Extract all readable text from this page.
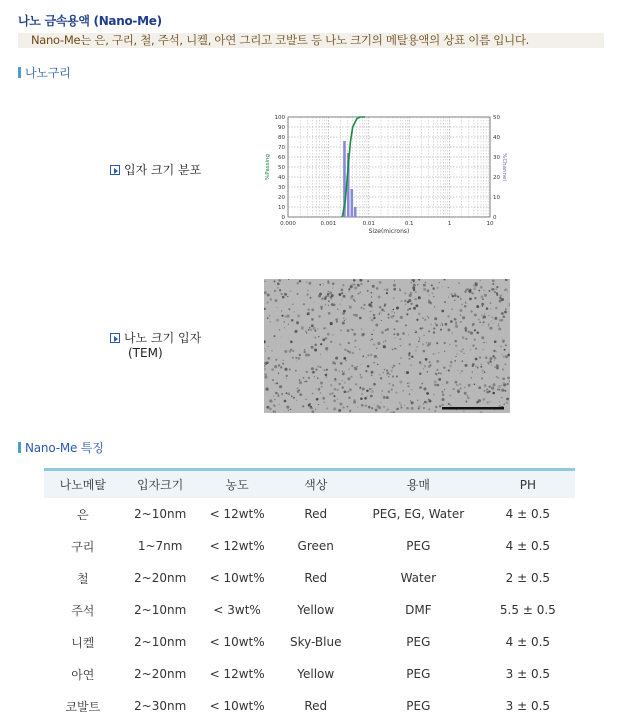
나노 금속용액 (Nano-Me)
Nano-Me는 은, 구리, 철, 주석, 니켈, 아연 그리고 코발트 등 나노 크기의 메탈용액의 상표 이름 입니다.
나노구리
입자 크기 분포
0
10
20
30
40
50
60
70
80
90
100
0
10
20
30
40
50
0.000	0.001	0.01	0.1	1	10
Size(microns)
%Passing	%Channel
나노 크기 입자
(TEM)
Nano-Me 특징
나노메탈	입자크기	농도	색상	용매	PH
은	2~10nm	< 12wt%	Red	PEG, EG, Water	4 ± 0.5
구리	1~7nm	< 12wt%	Green	PEG	4 ± 0.5
철	2~20nm	< 10wt%	Red	Water	2 ± 0.5
주석	2~10nm	< 3wt%	Yellow	DMF	5.5 ± 0.5
니켈	2~10nm	< 10wt%	Sky-Blue	PEG	4 ± 0.5
아연	2~20nm	< 12wt%	Yellow	PEG	3 ± 0.5
코발트	2~30nm	< 10wt%	Red	PEG	3 ± 0.5
